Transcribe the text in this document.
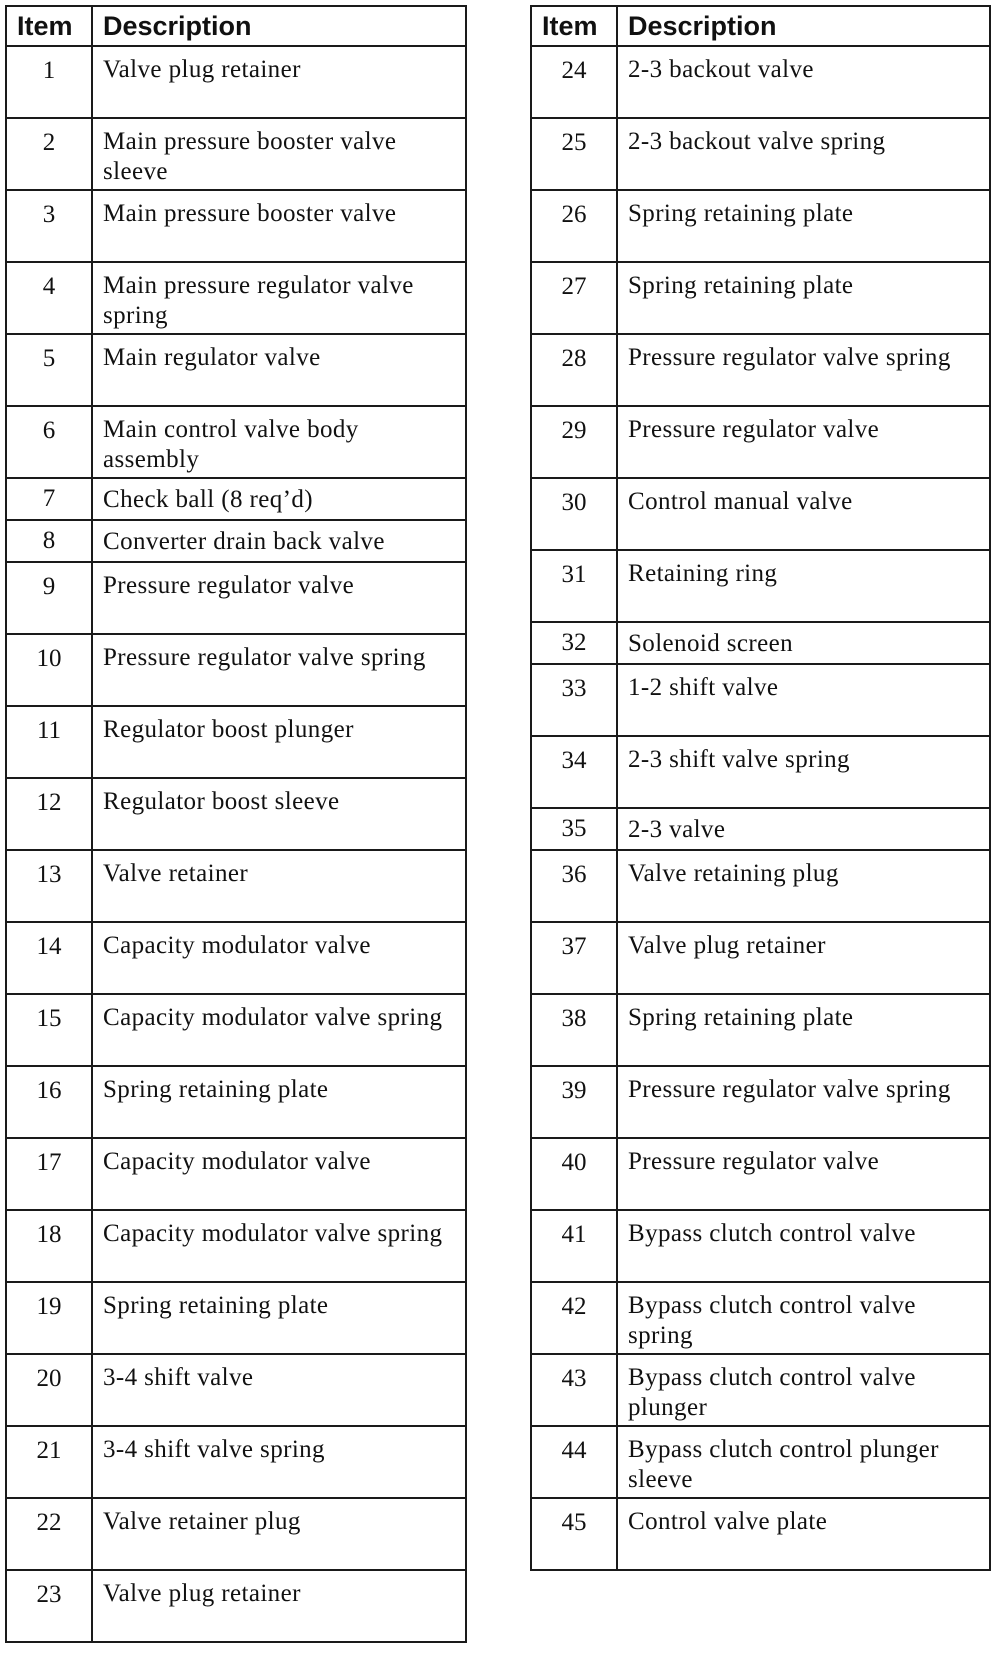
Item	Description
1	Valve plug retainer
2	Main pressure booster valve sleeve
3	Main pressure booster valve
4	Main pressure regulator valve spring
5	Main regulator valve
6	Main control valve body assembly
7	Check ball (8 req’d)
8	Converter drain back valve
9	Pressure regulator valve
10	Pressure regulator valve spring
11	Regulator boost plunger
12	Regulator boost sleeve
13	Valve retainer
14	Capacity modulator valve
15	Capacity modulator valve spring
16	Spring retaining plate
17	Capacity modulator valve
18	Capacity modulator valve spring
19	Spring retaining plate
20	3-4 shift valve
21	3-4 shift valve spring
22	Valve retainer plug
23	Valve plug retainer
Item	Description
24	2-3 backout valve
25	2-3 backout valve spring
26	Spring retaining plate
27	Spring retaining plate
28	Pressure regulator valve spring
29	Pressure regulator valve
30	Control manual valve
31	Retaining ring
32	Solenoid screen
33	1-2 shift valve
34	2-3 shift valve spring
35	2-3 valve
36	Valve retaining plug
37	Valve plug retainer
38	Spring retaining plate
39	Pressure regulator valve spring
40	Pressure regulator valve
41	Bypass clutch control valve
42	Bypass clutch control valve spring
43	Bypass clutch control valve plunger
44	Bypass clutch control plunger sleeve
45	Control valve plate
